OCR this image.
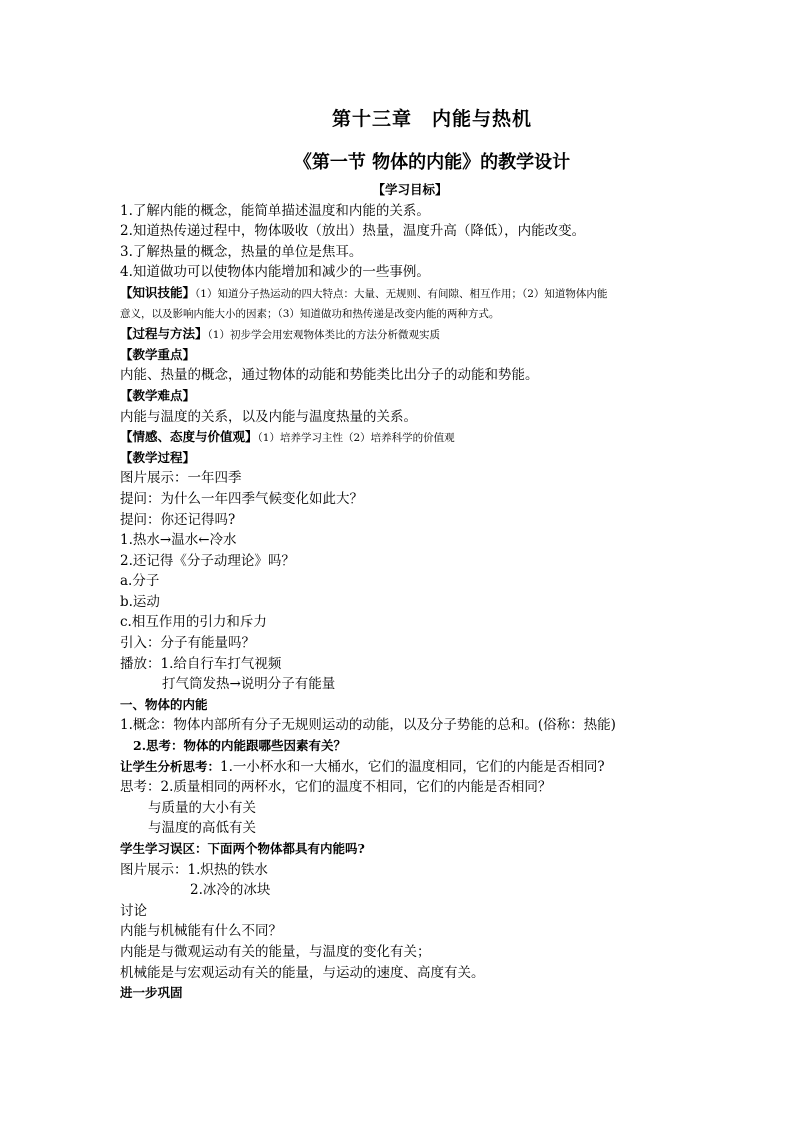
第十三章　内能与热机
《第一节 物体的内能》的教学设计
【学习目标】
1.了解内能的概念，能简单描述温度和内能的关系。
2.知道热传递过程中，物体吸收（放出）热量，温度升高（降低），内能改变。
3.了解热量的概念，热量的单位是焦耳。
4.知道做功可以使物体内能增加和减少的一些事例。
【知识技能】（1）知道分子热运动的四大特点：大量、无规则、有间隙、相互作用；（2）知道物体内能
意义，以及影响内能大小的因素；（3）知道做功和热传递是改变内能的两种方式。
【过程与方法】（1）初步学会用宏观物体类比的方法分析微观实质
【教学重点】
内能、热量的概念，通过物体的动能和势能类比出分子的动能和势能。
【教学难点】
内能与温度的关系，以及内能与温度热量的关系。
【情感、态度与价值观】（1）培养学习主性（2）培养科学的价值观
【教学过程】
图片展示：一年四季
提问：为什么一年四季气候变化如此大？
提问：你还记得吗?
1.热水→温水←冷水
2.还记得《分子动理论》吗？
a.分子
b.运动
c.相互作用的引力和斥力
引入：分子有能量吗？
播放：1.给自行车打气视频
打气筒发热→说明分子有能量
一、物体的内能
1.概念：物体内部所有分子无规则运动的动能，以及分子势能的总和。(俗称：热能)
2.思考：物体的内能跟哪些因素有关？
让学生分析思考：1.一小杯水和一大桶水，它们的温度相同，它们的内能是否相同?
思考：2.质量相同的两杯水，它们的温度不相同，它们的内能是否相同？
与质量的大小有关
与温度的高低有关
学生学习误区：下面两个物体都具有内能吗?
图片展示：1.炽热的铁水
2.冰冷的冰块
讨论
内能与机械能有什么不同？
内能是与微观运动有关的能量，与温度的变化有关；
机械能是与宏观运动有关的能量，与运动的速度、高度有关。
进一步巩固
